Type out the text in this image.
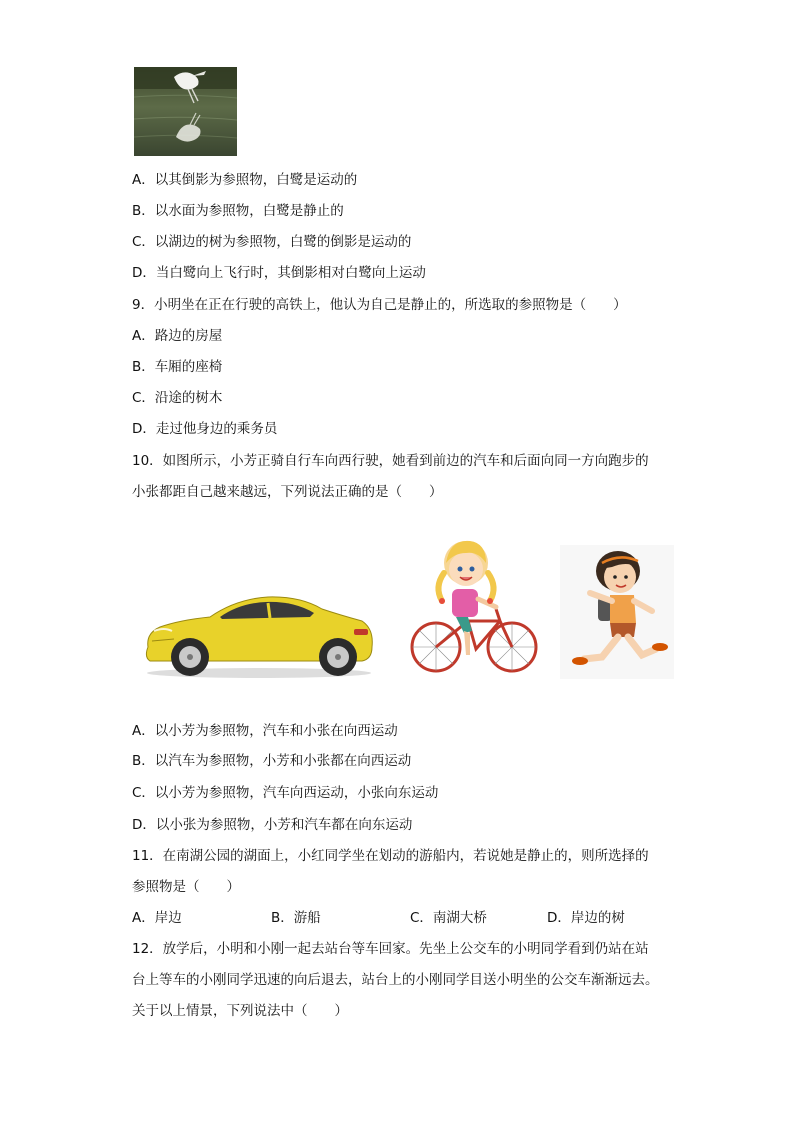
A．以其倒影为参照物，白鹭是运动的
B．以水面为参照物，白鹭是静止的
C．以湖边的树为参照物，白鹭的倒影是运动的
D．当白鹭向上飞行时，其倒影相对白鹭向上运动
9．小明坐在正在行驶的高铁上，他认为自己是静止的，所选取的参照物是（　　）
A．路边的房屋
B．车厢的座椅
C．沿途的树木
D．走过他身边的乘务员
10．如图所示，小芳正骑自行车向西行驶，她看到前边的汽车和后面向同一方向跑步的
小张都距自己越来越远，下列说法正确的是（　　）
A．以小芳为参照物，汽车和小张在向西运动
B．以汽车为参照物，小芳和小张都在向西运动
C．以小芳为参照物，汽车向西运动，小张向东运动
D．以小张为参照物，小芳和汽车都在向东运动
11．在南湖公园的湖面上，小红同学坐在划动的游船内，若说她是静止的，则所选择的
参照物是（　　）
A．岸边	B．游船	C．南湖大桥	D．岸边的树
12．放学后，小明和小刚一起去站台等车回家。先坐上公交车的小明同学看到仍站在站
台上等车的小刚同学迅速的向后退去，站台上的小刚同学目送小明坐的公交车渐渐远去。
关于以上情景，下列说法中（　　）
